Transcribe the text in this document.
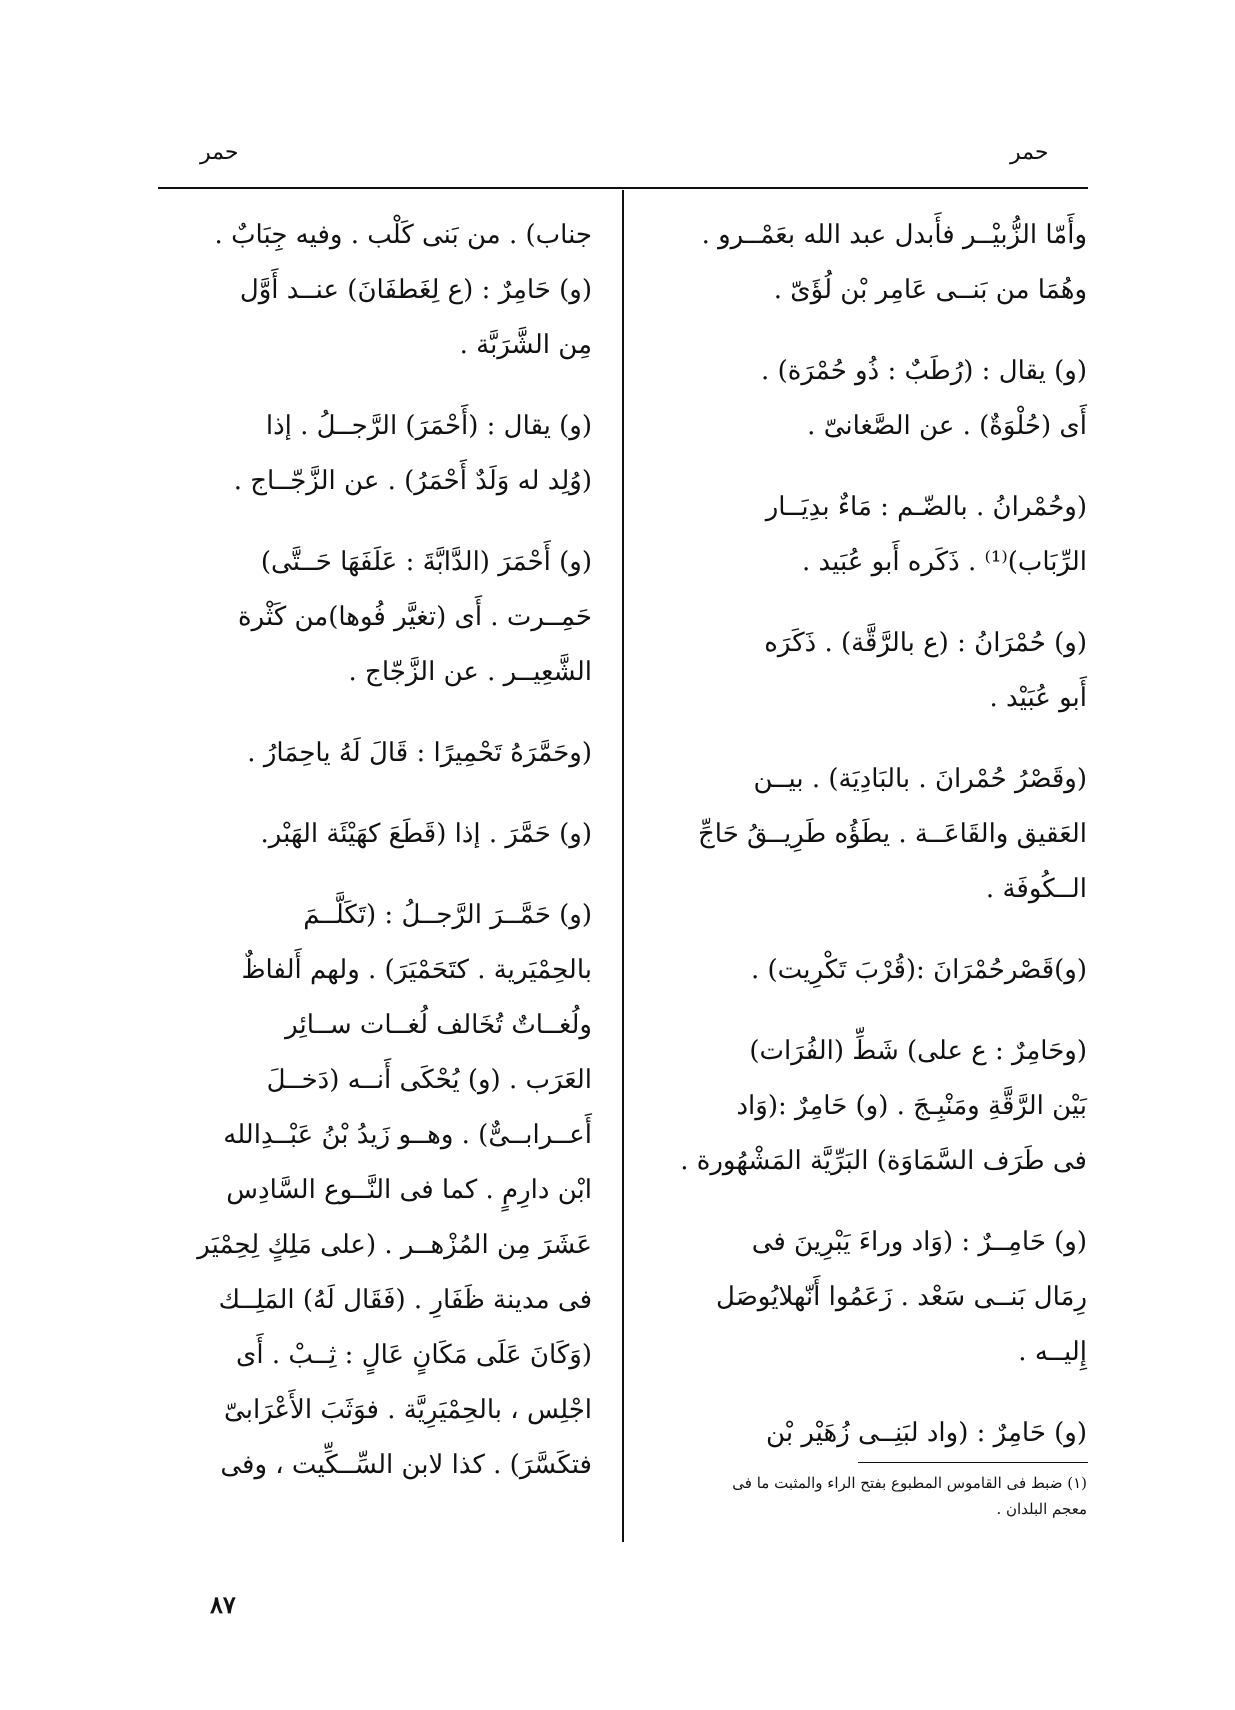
حمر
حمر
وأَمّا الزُّبيْــر فأَبدل عبد الله بعَمْــرو .
وهُمَا من بَنــى عَامِر بْن لُؤَىّ .
(و) يقال : (رُطَبٌ : ذُو حُمْرَة) .
أَى (حُلْوَةٌ) . عن الصَّغانىّ .
(وحُمْرانُ . بالضّـم : مَاءٌ بدِيَــار
الرِّبَاب)⁽¹⁾ . ذَكَره أَبو عُبَيد .
(و) حُمْرَانُ : (ع بالرَّقَّة) . ذَكَرَه
أَبو عُبَيْد .
(وقَصْرُ حُمْرانَ . بالبَادِيَة) . بيــن
العَقيق والقَاعَــة . يطَؤُه طَرِيــقُ حَاجِّ
الــكُوفَة .
(و)قَصْرحُمْرَانَ :(قُرْبَ تَكْرِيت) .
(وحَامِرٌ : ع على) شَطِّ (الفُرَات)
بَيْن الرَّقَّةِ ومَنْبِـجَ . (و) حَامِرٌ :(وَاد
فى طَرَف السَّمَاوَة) البَرِّيَّة المَشْهُورة .
(و) حَامِــرٌ : (وَاد وراءَ يَبْرِينَ فى
رِمَال بَنــى سَعْد . زَعَمُوا أَنّهلايُوصَل
إِليــه .
(و) حَامِرٌ : (واد لبَنِــى زُهَيْر بْن
جناب) . من بَنى كَلْب . وفيه جِبَابٌ .
(و) حَامِرٌ : (ع لِغَطفَانَ) عنــد أَوَّل
مِن الشَّرَبَّة .
(و) يقال : (أَحْمَرَ) الرَّجــلُ . إذا
(وُلِد له وَلَدٌ أَحْمَرُ) . عن الزَّجّــاج .
(و) أَحْمَرَ (الدَّابَّةَ : عَلَفَهَا حَــتَّى)
حَمِــرت . أَى (تغيَّر فُوها)من كَثْرة
الشَّعِيــر . عن الزَّجّاج .
(وحَمَّرَهُ تَحْمِيرًا : قَالَ لَهُ ياحِمَارُ .
(و) حَمَّرَ . إذا (قَطَعَ كهَيْئَة الهَبْر.
(و) حَمَّــرَ الرَّجــلُ : (تَكَلَّــمَ
بالحِمْيَرية . كتَحَمْيَرَ) . ولهم أَلفاظٌ
ولُغــاتٌ تُخَالف لُغــات ســائِر
العَرَب . (و) يُحْكَى أَنــه (دَخــلَ
أَعــرابــىٌّ) . وهــو زَيدُ بْنُ عَبْــدِالله
ابْن دارِمٍ . كما فى النَّــوع السَّادِس
عَشَرَ مِن المُزْهــر . (على مَلِكٍ لِحِمْيَر
فى مدينة ظَفَارِ . (فَقَال لَهُ) المَلِــك
(وَكَانَ عَلَى مَكَانٍ عَالٍ : ثِــبْ . أَى
اجْلِس ، بالحِمْيَرِيَّة . فوَثَبَ الأَعْرَابىّ
فتكَسَّرَ) . كذا لابن السِّــكِّيت ، وفى
(١) ضبط فى القاموس المطبوع بفتح الراء والمثبت ما فى
معجم البلدان .
٨٧
